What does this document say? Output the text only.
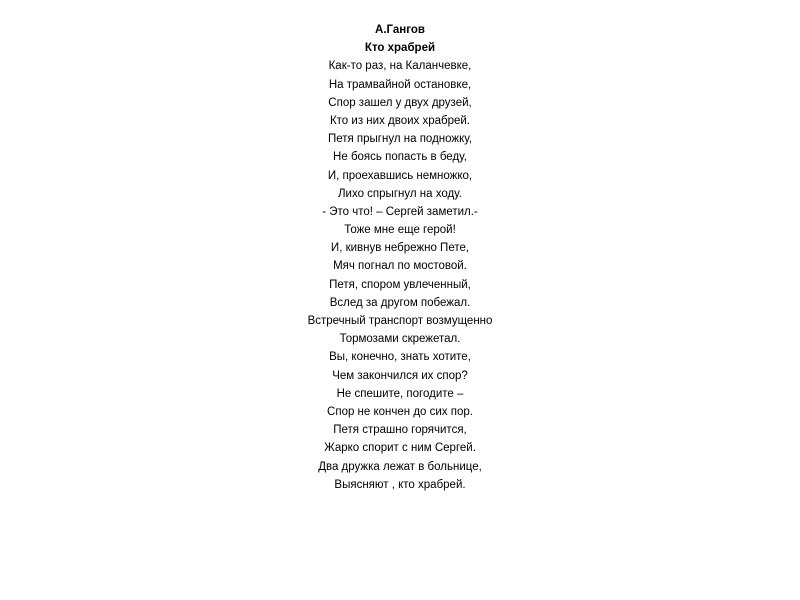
А.Гангов
Кто храбрей
Как-то раз, на Каланчевке,
На трамвайной остановке,
Спор зашел у двух друзей,
Кто из них двоих храбрей.
Петя прыгнул на подножку,
Не боясь попасть в беду,
И, проехавшись немножко,
Лихо спрыгнул на ходу.
- Это что! – Сергей заметил.-
Тоже мне еще герой!
И, кивнув небрежно Пете,
Мяч погнал по мостовой.
Петя, спором увлеченный,
Вслед за другом побежал.
Встречный транспорт возмущенно
Тормозами скрежетал.
Вы, конечно, знать хотите,
Чем закончился их спор?
Не спешите, погодите –
Спор не кончен до сих пор.
Петя страшно горячится,
Жарко спорит с ним Сергей.
Два дружка лежат в больнице,
Выясняют , кто храбрей.
